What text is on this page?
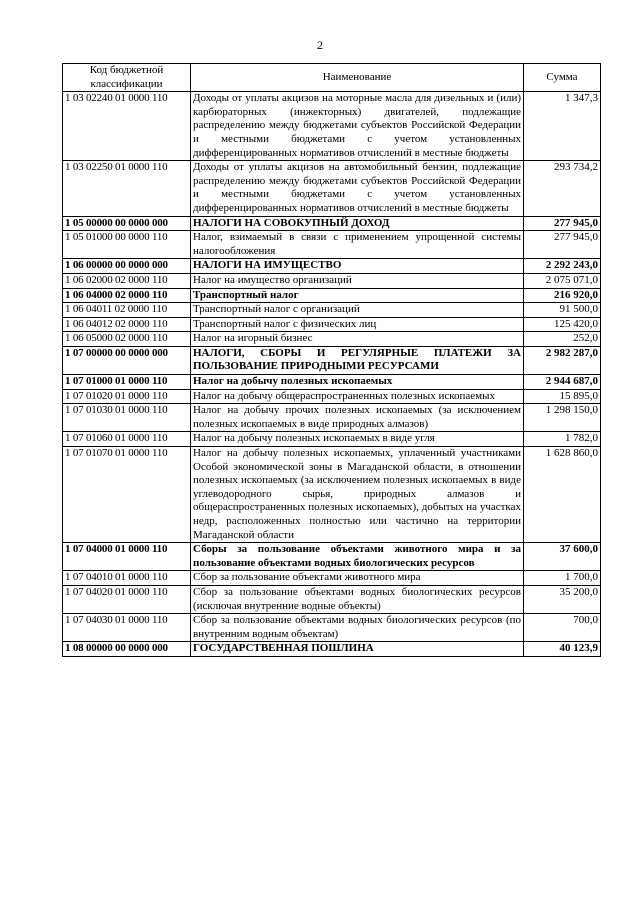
2
Код бюджетной классификации	Наименование	Сумма
1 03 02240 01 0000 110	Доходы от уплаты акцизов на моторные масла для дизельных и (или) карбюраторных (инжекторных) двигателей, подлежащие распределению между бюджетами субъектов Российской Федерации и местными бюджетами с учетом установленных дифференцированных нормативов отчислений в местные бюджеты	1 347,3
1 03 02250 01 0000 110	Доходы от уплаты акцизов на автомобильный бензин, подлежащие распределению между бюджетами субъектов Российской Федерации и местными бюджетами с учетом установленных дифференцированных нормативов отчислений в местные бюджеты	293 734,2
1 05 00000 00 0000 000	НАЛОГИ НА СОВОКУПНЫЙ ДОХОД	277 945,0
1 05 01000 00 0000 110	Налог, взимаемый в связи с применением упрощенной системы налогообложения	277 945,0
1 06 00000 00 0000 000	НАЛОГИ НА ИМУЩЕСТВО	2 292 243,0
1 06 02000 02 0000 110	Налог на имущество организаций	2 075 071,0
1 06 04000 02 0000 110	Транспортный налог	216 920,0
1 06 04011 02 0000 110	Транспортный налог с организаций	91 500,0
1 06 04012 02 0000 110	Транспортный налог с физических лиц	125 420,0
1 06 05000 02 0000 110	Налог на игорный бизнес	252,0
1 07 00000 00 0000 000	НАЛОГИ, СБОРЫ И РЕГУЛЯРНЫЕ ПЛАТЕЖИ ЗА ПОЛЬЗОВАНИЕ ПРИРОДНЫМИ РЕСУРСАМИ	2 982 287,0
1 07 01000 01 0000 110	Налог на добычу полезных ископаемых	2 944 687,0
1 07 01020 01 0000 110	Налог на добычу общераспространенных полезных ископаемых	15 895,0
1 07 01030 01 0000 110	Налог на добычу прочих полезных ископаемых (за исключением полезных ископаемых в виде природных алмазов)	1 298 150,0
1 07 01060 01 0000 110	Налог на добычу полезных ископаемых в виде угля	1 782,0
1 07 01070 01 0000 110	Налог на добычу полезных ископаемых, уплаченный участниками Особой экономической зоны в Магаданской области, в отношении полезных ископаемых (за исключением полезных ископаемых в виде углеводородного сырья, природных алмазов и общераспространенных полезных ископаемых), добытых на участках недр, расположенных полностью или частично на территории Магаданской области	1 628 860,0
1 07 04000 01 0000 110	Сборы за пользование объектами животного мира и за пользование объектами водных биологических ресурсов	37 600,0
1 07 04010 01 0000 110	Сбор за пользование объектами животного мира	1 700,0
1 07 04020 01 0000 110	Сбор за пользование объектами водных биологических ресурсов (исключая внутренние водные объекты)	35 200,0
1 07 04030 01 0000 110	Сбор за пользование объектами водных биологических ресурсов (по внутренним водным объектам)	700,0
1 08 00000 00 0000 000	ГОСУДАРСТВЕННАЯ ПОШЛИНА	40 123,9
